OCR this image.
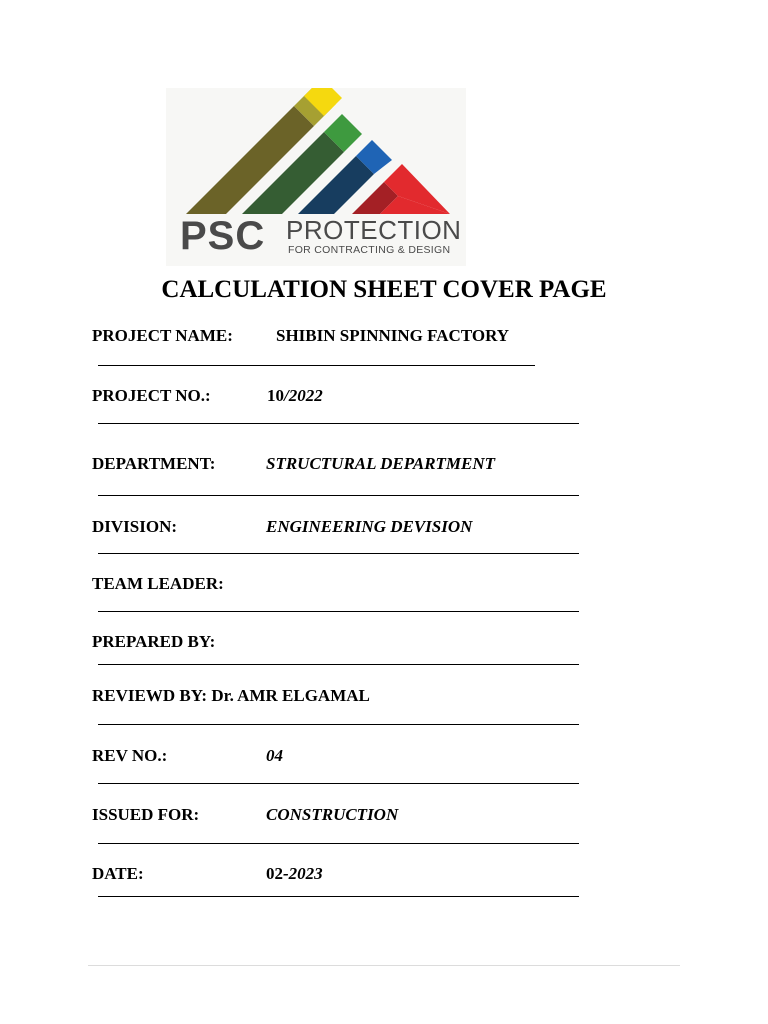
PSC PROTECTION
FOR CONTRACTING & DESIGN
CALCULATION SHEET COVER PAGE
PROJECT NAME:	SHIBIN SPINNING FACTORY
PROJECT NO.:	10/2022
DEPARTMENT:	STRUCTURAL DEPARTMENT
DIVISION:	ENGINEERING DEVISION
TEAM LEADER:
PREPARED BY:
REVIEWD BY: Dr. AMR ELGAMAL
REV NO.:	04
ISSUED FOR:	CONSTRUCTION
DATE:	02-2023
